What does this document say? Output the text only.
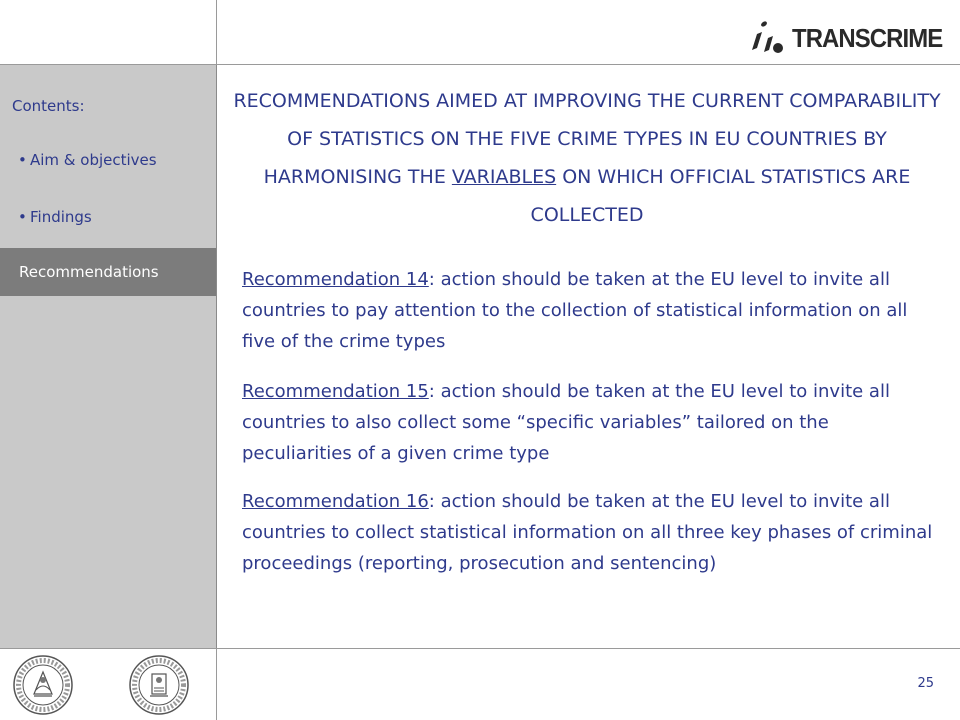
TRANSCRIME
Contents:
• Aim & objectives
• Findings
Recommendations
RECOMMENDATIONS AIMED AT IMPROVING THE CURRENT COMPARABILITY OF STATISTICS ON THE FIVE CRIME TYPES IN EU COUNTRIES BY HARMONISING THE VARIABLES ON WHICH OFFICIAL STATISTICS ARE COLLECTED
Recommendation 14: action should be taken at the EU level to invite all countries to pay attention to the collection of statistical information on all five of the crime types
Recommendation 15: action should be taken at the EU level to invite all countries to also collect some “specific variables” tailored on the peculiarities of a given crime type
Recommendation 16: action should be taken at the EU level to invite all countries to collect statistical information on all three key phases of criminal proceedings (reporting, prosecution and sentencing)
25
